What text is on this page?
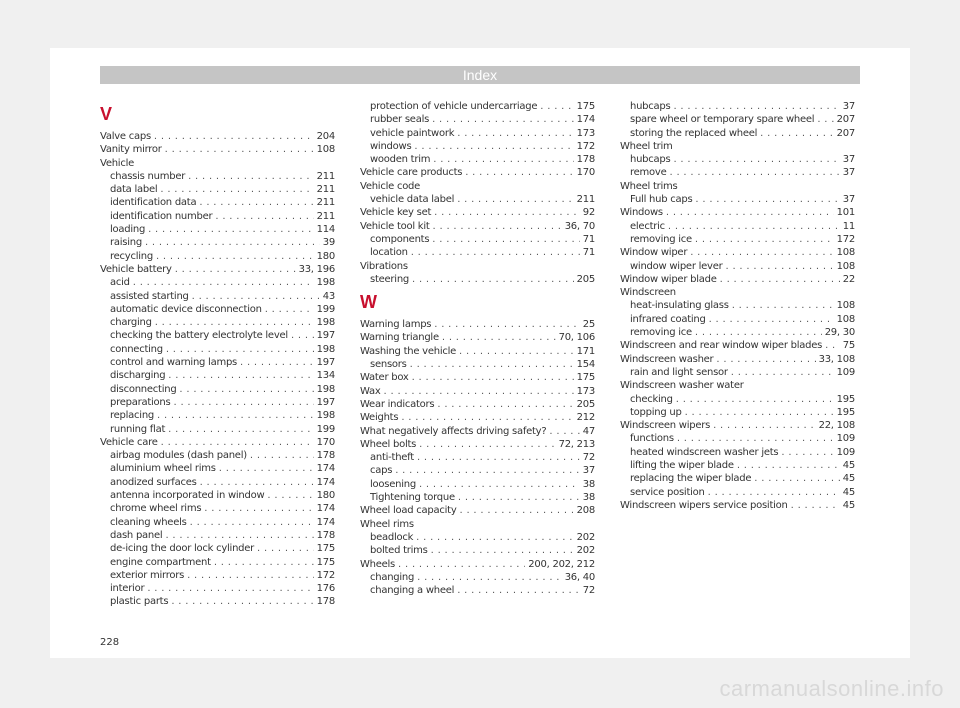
Index
V
Valve caps . . .	204
Vanity mirror . . .	108
Vehicle
chassis number . . .	211
data label . . .	211
identification data . . .	211
identification number . . .	211
loading . . .	114
raising . . .	39
recycling . . .	180
Vehicle battery . . .	33, 196
acid . . .	198
assisted starting . . .	43
automatic device disconnection . . .	199
charging . . .	198
checking the battery electrolyte level . . .	197
connecting . . .	198
control and warning lamps . . .	197
discharging . . .	134
disconnecting . . .	198
preparations . . .	197
replacing . . .	198
running flat . . .	199
Vehicle care . . .	170
airbag modules (dash panel) . . .	178
aluminium wheel rims . . .	174
anodized surfaces . . .	174
antenna incorporated in window . . .	180
chrome wheel rims . . .	174
cleaning wheels . . .	174
dash panel . . .	178
de-icing the door lock cylinder . . .	175
engine compartment . . .	175
exterior mirrors . . .	172
interior . . .	176
plastic parts . . .	178
protection of vehicle undercarriage . . .	175
rubber seals . . .	174
vehicle paintwork . . .	173
windows . . .	172
wooden trim . . .	178
Vehicle care products . . .	170
Vehicle code
vehicle data label . . .	211
Vehicle key set . . .	92
Vehicle tool kit . . .	36, 70
components . . .	71
location . . .	71
Vibrations
steering . . .	205
W
Warning lamps . . .	25
Warning triangle . . .	70, 106
Washing the vehicle . . .	171
sensors . . .	154
Water box . . .	175
Wax . . .	173
Wear indicators . . .	205
Weights . . .	212
What negatively affects driving safety? . . .	47
Wheel bolts . . .	72, 213
anti-theft . . .	72
caps . . .	37
loosening . . .	38
Tightening torque . . .	38
Wheel load capacity . . .	208
Wheel rims
beadlock . . .	202
bolted trims . . .	202
Wheels . . .	200, 202, 212
changing . . .	36, 40
changing a wheel . . .	72
hubcaps . . .	37
spare wheel or temporary spare wheel . . . 207
storing the replaced wheel . . .	207
Wheel trim
hubcaps . . .	37
remove . . .	37
Wheel trims
Full hub caps . . .	37
Windows . . .	101
electric . . .	11
removing ice . . .	172
Window wiper . . .	108
window wiper lever . . .	108
Window wiper blade . . .	22
Windscreen
heat-insulating glass . . .	108
infrared coating . . .	108
removing ice . . .	29, 30
Windscreen and rear window wiper blades . . . 75
Windscreen washer . . .	33, 108
rain and light sensor . . .	109
Windscreen washer water
checking . . .	195
topping up . . .	195
Windscreen wipers . . .	22, 108
functions . . .	109
heated windscreen washer jets . . .	109
lifting the wiper blade . . .	45
replacing the wiper blade . . .	45
service position . . .	45
Windscreen wipers service position . . .	45
228
carmanualsonline.info
